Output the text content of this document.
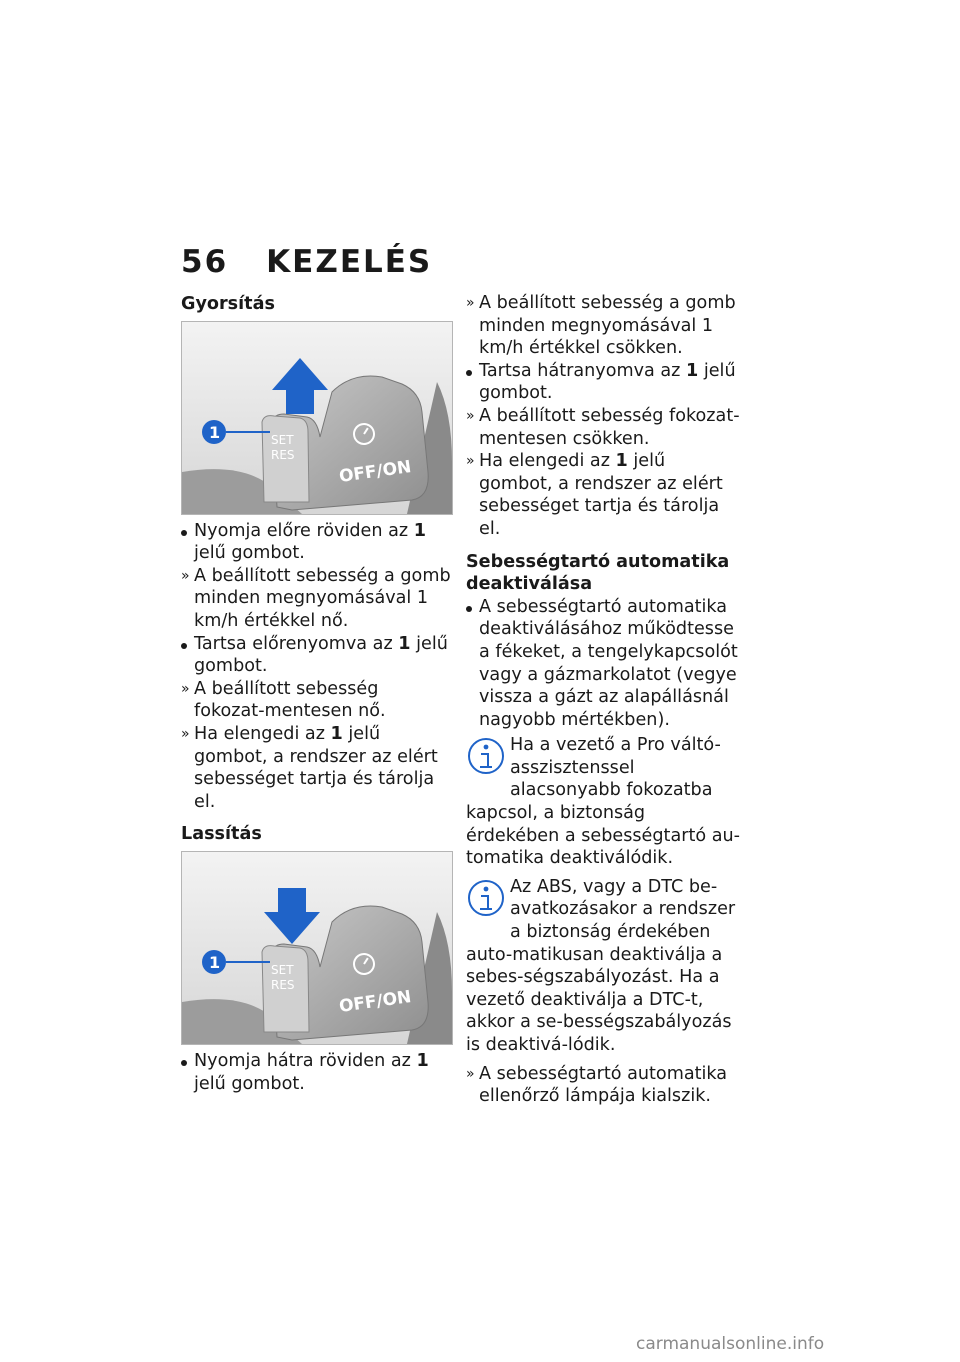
56 KEZELÉS
Gyorsítás
SET
RES
OFF/ON
1
Nyomja előre röviden az 1 jelű gombot.
» A beállított sebesség a gomb minden megnyomásával 1 km/h értékkel nő.
Tartsa előrenyomva az 1 jelű gombot.
» A beállított sebesség fokozat-mentesen nő.
» Ha elengedi az 1 jelű gombot, a rendszer az elért sebességet tartja és tárolja el.
Lassítás
SET
RES
OFF/ON
1
Nyomja hátra röviden az 1 jelű gombot.
» A beállított sebesség a gomb minden megnyomásával 1 km/h értékkel csökken.
Tartsa hátranyomva az 1 jelű gombot.
» A beállított sebesség fokozat-mentesen csökken.
» Ha elengedi az 1 jelű gombot, a rendszer az elért sebességet tartja és tárolja el.
Sebességtartó automatika deaktiválása
A sebességtartó automatika deaktiválásához működtesse a fékeket, a tengelykapcsolót vagy a gázmarkolatot (vegye vissza a gázt az alapállásnál nagyobb mértékben).
Ha a vezető a Pro váltó-asszisztenssel alacsonyabb fokozatba kapcsol, a biztonság érdekében a sebességtartó au-tomatika deaktiválódik.
Az ABS, vagy a DTC be-avatkozásakor a rendszer a biztonság érdekében auto-matikusan deaktiválja a sebes-ségszabályozást. Ha a vezető deaktiválja a DTC-t, akkor a se-bességszabályozás is deaktivá-lódik.
» A sebességtartó automatika ellenőrző lámpája kialszik.
carmanualsonline.info
